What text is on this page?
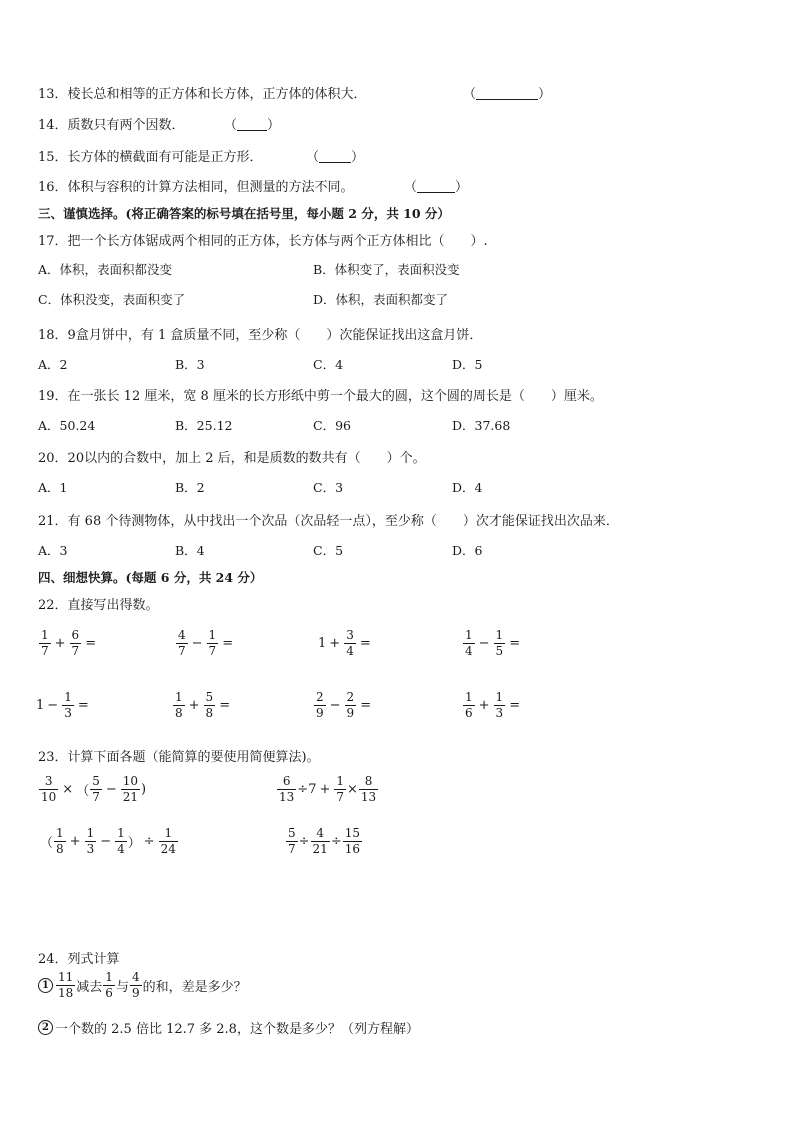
13．棱长总和相等的正方体和长方体，正方体的体积大．	（	）
14．质数只有两个因数．	（ ）
15．长方体的横截面有可能是正方形．	（ ）
16．体积与容积的计算方法相同，但测量的方法不同。	（	）
三、谨慎选择。(将正确答案的标号填在括号里，每小题 2 分，共 10 分）
17．把一个长方体锯成两个相同的正方体，长方体与两个正方体相比（　　）.
A．体积，表面积都没变	B．体积变了，表面积没变
C．体积没变，表面积变了	D．体积，表面积都变了
18．9盒月饼中，有 1 盒质量不同，至少称（　　）次能保证找出这盒月饼．
A．2	B．3	C．4	D．5
19．在一张长 12 厘米，宽 8 厘米的长方形纸中剪一个最大的圆，这个圆的周长是（　　）厘米。
A．50.24	B．25.12	C．96	D．37.68
20．20以内的合数中，加上 2 后，和是质数的数共有（　　）个。
A．1	B．2	C．3	D．4
21．有 68 个待测物体，从中找出一个次品（次品轻一点），至少称（　　）次才能保证找出次品来．
A．3	B．4	C．5	D．6
四、细想快算。(每题 6 分，共 24 分）
22．直接写出得数。
$\frac{1}{7} + \frac{6}{7}$ =	$\frac{4}{7} - \frac{1}{7}$ =	$1 + \frac{3}{4}$ =	$\frac{1}{4} - \frac{1}{5}$ =
$1 - \frac{1}{3}$ =	$\frac{1}{8} + \frac{5}{8}$ =	$\frac{2}{9} - \frac{2}{9}$ =	$\frac{1}{6} + \frac{1}{3}$ =
23．计算下面各题（能简算的要使用简便算法)。
$\frac{3}{10}$ × （ $\frac{5}{7} - \frac{10}{21}$ )	$\frac{6}{13} \div 7 + \frac{1}{7} \times \frac{8}{13}$
（ $\frac{1}{8} + \frac{1}{3} - \frac{1}{4}$ ） ÷ $\frac{1}{24}$	$\frac{5}{7} \div \frac{4}{21} \div \frac{15}{16}$
24．列式计算
$1 \frac{11}{18}$ 减去 $\frac{1}{6}$ 与 $\frac{4}{9}$ 的和，差是多少？
2 一个数的 2.5 倍比 12.7 多 2.8，这个数是多少？（列方程解）
